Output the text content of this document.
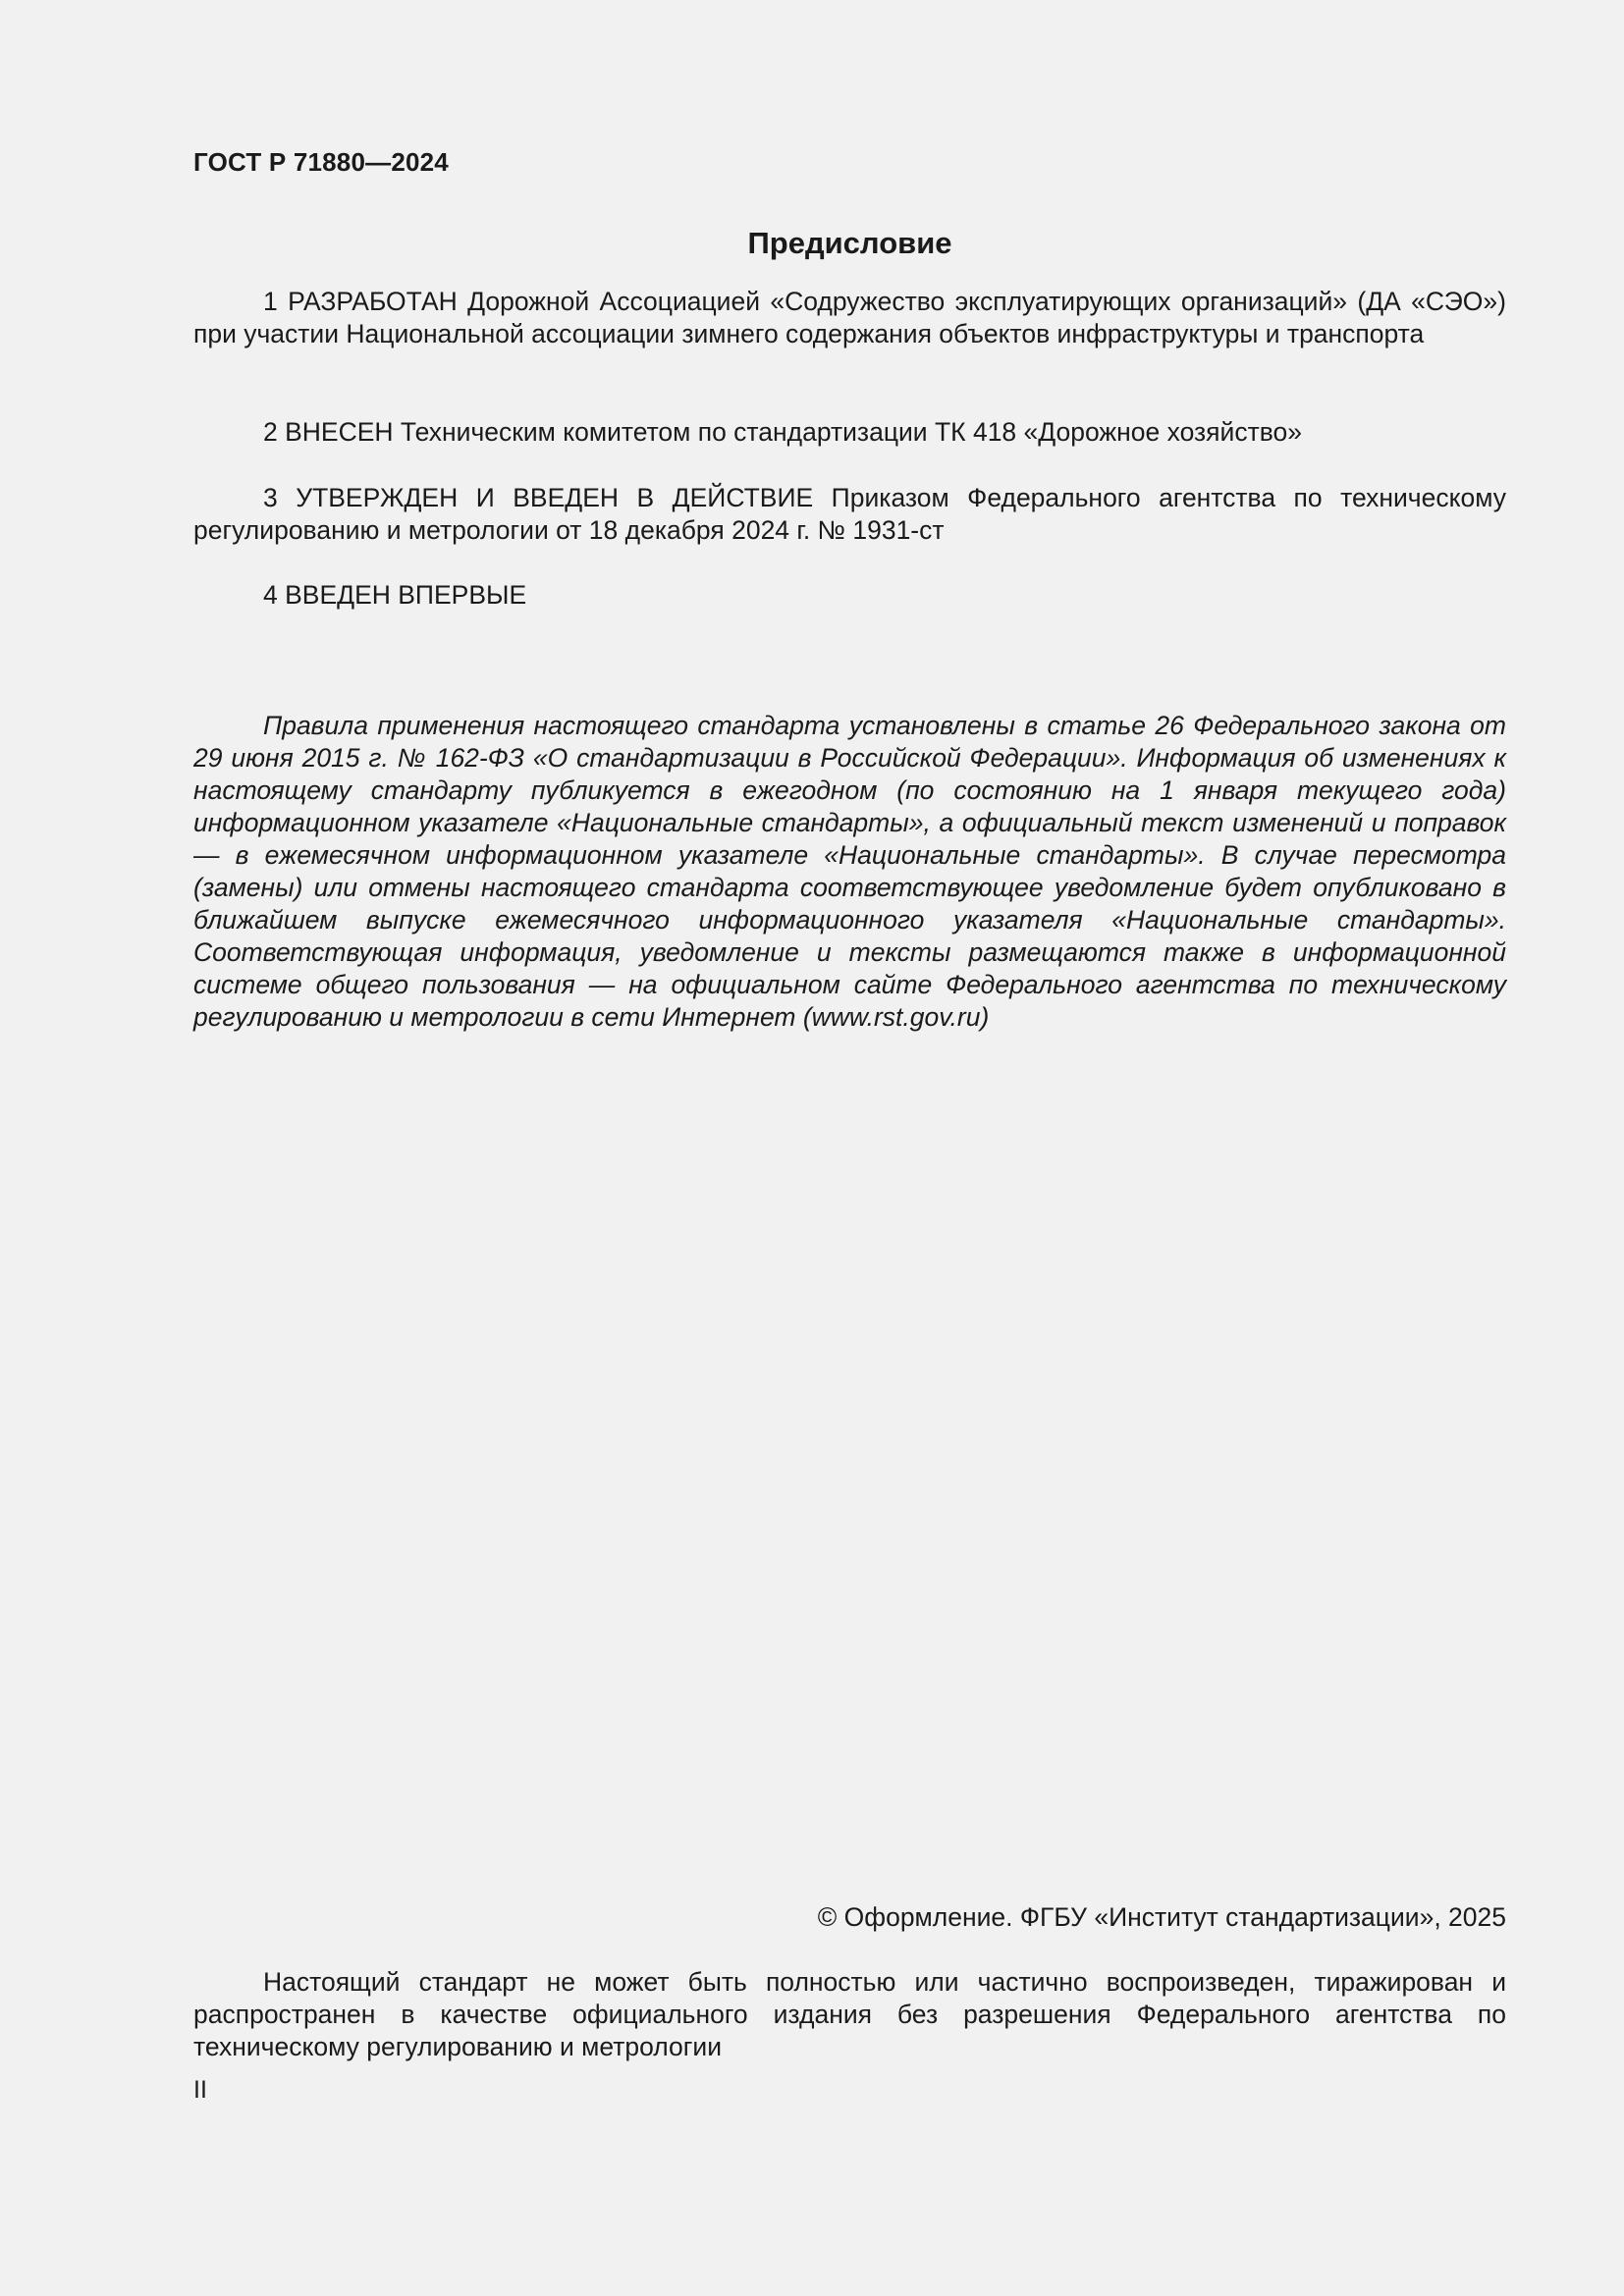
ГОСТ Р 71880—2024
Предисловие

1 РАЗРАБОТАН Дорожной Ассоциацией «Содружество эксплуатирующих организаций» (ДА «СЭО») при участии Национальной ассоциации зимнего содержания объектов инфраструктуры и транспорта

2 ВНЕСЕН Техническим комитетом по стандартизации ТК 418 «Дорожное хозяйство»

3 УТВЕРЖДЕН И ВВЕДЕН В ДЕЙСТВИЕ Приказом Федерального агентства по техническому регулированию и метрологии от 18 декабря 2024 г. № 1931-ст

4 ВВЕДЕН ВПЕРВЫЕ

Правила применения настоящего стандарта установлены в статье 26 Федерального закона от 29 июня 2015 г. № 162-ФЗ «О стандартизации в Российской Федерации». Информация об изменениях к настоящему стандарту публикуется в ежегодном (по состоянию на 1 января текущего года) информационном указателе «Национальные стандарты», а официальный текст изменений и поправок — в ежемесячном информационном указателе «Национальные стандарты». В случае пересмотра (замены) или отмены настоящего стандарта соответствующее уведомление будет опубликовано в ближайшем выпуске ежемесячного информационного указателя «Национальные стандарты». Соответствующая информация, уведомление и тексты размещаются также в информационной системе общего пользования — на официальном сайте Федерального агентства по техническому регулированию и метрологии в сети Интернет (www.rst.gov.ru)

© Оформление. ФГБУ «Институт стандартизации», 2025

Настоящий стандарт не может быть полностью или частично воспроизведен, тиражирован и распространен в качестве официального издания без разрешения Федерального агентства по техническому регулированию и метрологии

II
